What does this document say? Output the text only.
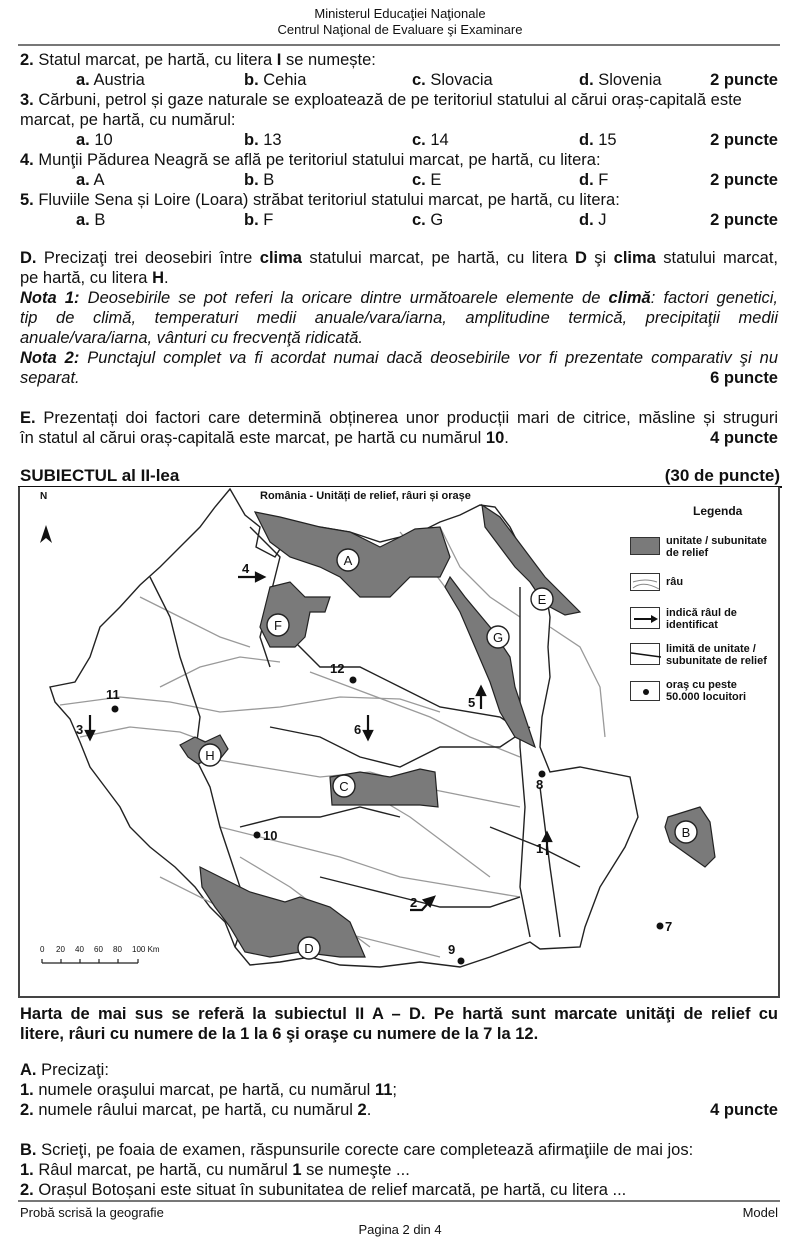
Ministerul Educaţiei Naţionale
Centrul Naţional de Evaluare şi Examinare
2. Statul marcat, pe hartă, cu litera I se numește:
a. Austria	b. Cehia	c. Slovacia	d. Slovenia	2 puncte
3. Cărbuni, petrol și gaze naturale se exploatează de pe teritoriul statului al cărui oraș-capitală este
marcat, pe hartă, cu numărul:
a. 10	b. 13	c. 14	d. 15	2 puncte
4. Munţii Pădurea Neagră se află pe teritoriul statului marcat, pe hartă, cu litera:
a. A	b. B	c. E	d. F	2 puncte
5. Fluviile Sena și Loire (Loara) străbat teritoriul statului marcat, pe hartă, cu litera:
a. B	b. F	c. G	d. J	2 puncte
D. Precizaţi trei deosebiri între clima statului marcat, pe hartă, cu litera D şi clima statului marcat,
pe hartă, cu litera H.
Nota 1: Deosebirile se pot referi la oricare dintre următoarele elemente de climă: factori genetici,
tip de climă, temperaturi medii anuale/vara/iarna, amplitudine termică, precipitaţii medii
anuale/vara/iarna, vânturi cu frecvenţă ridicată.
Nota 2: Punctajul complet va fi acordat numai dacă deosebirile vor fi prezentate comparativ şi nu
separat.	6 puncte
E. Prezentați doi factori care determină obținerea unor producții mari de citrice, măsline și struguri
în statul al cărui oraș-capitală este marcat, pe hartă cu numărul 10.	4 puncte
SUBIECTUL al II-lea	(30 de puncte)
A
E
G
F
H
C
D
B
4
3	6
5
1
2
11
12
10
8
9
7
România - Unități de relief, râuri și orașe
N
0 20 40 60 80 100 Km
Legenda
unitate / subunitate
de relief
râu
indică râul de
identificat
limită de unitate /
subunitate de relief
oraş cu peste
50.000 locuitori
Harta de mai sus se referă la subiectul II A – D. Pe hartă sunt marcate unităţi de relief cu
litere, râuri cu numere de la 1 la 6 şi oraşe cu numere de la 7 la 12.
A. Precizaţi:
1. numele oraşului marcat, pe hartă, cu numărul 11;
2. numele râului marcat, pe hartă, cu numărul 2.	4 puncte
B. Scrieţi, pe foaia de examen, răspunsurile corecte care completează afirmaţiile de mai jos:
1. Râul marcat, pe hartă, cu numărul 1 se numeşte ...
2. Orașul Botoșani este situat în subunitatea de relief marcată, pe hartă, cu litera ...
Probă scrisă la geografie	Model
Pagina 2 din 4
